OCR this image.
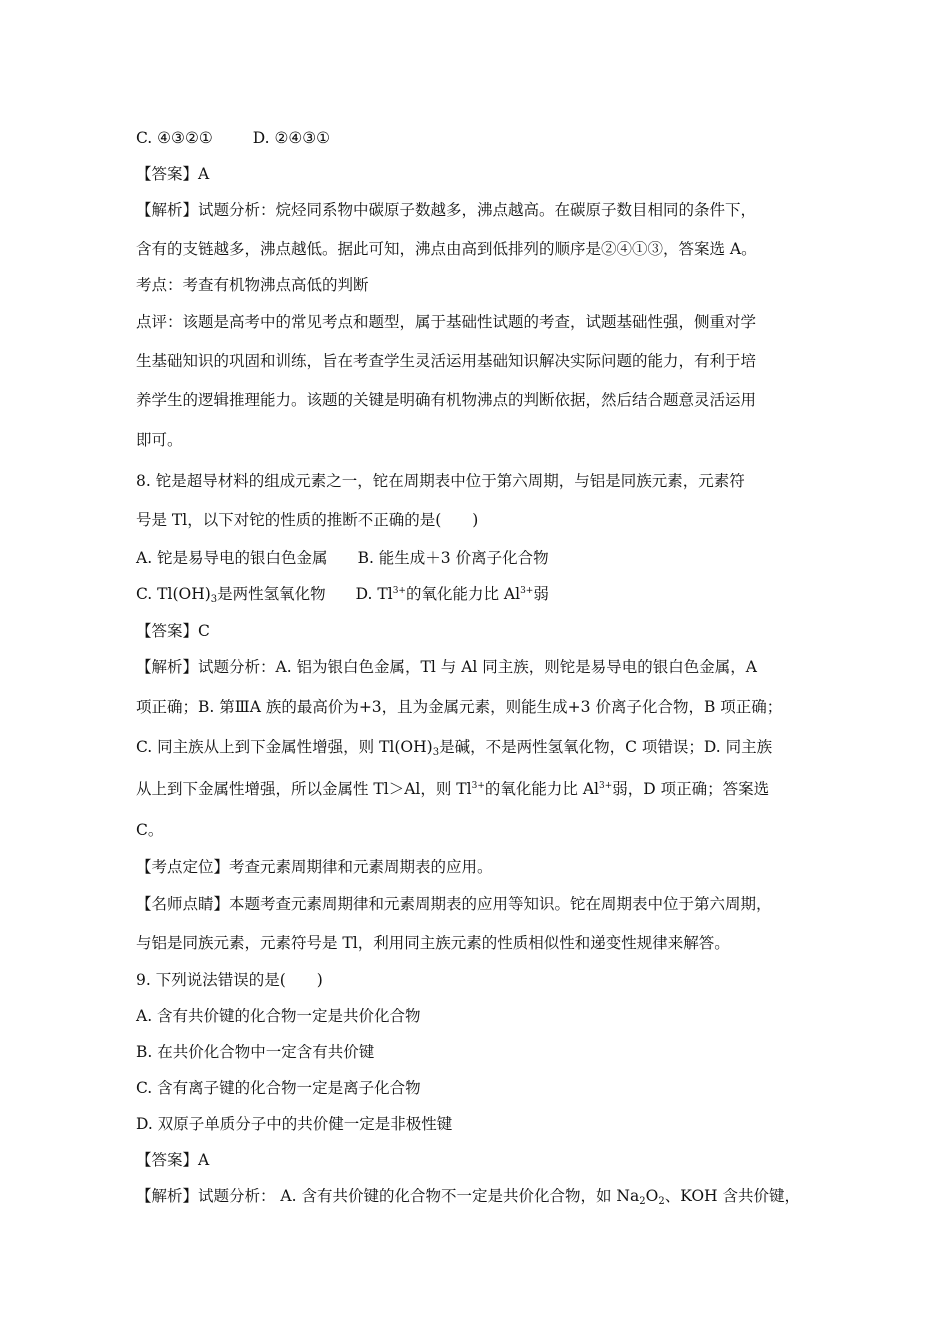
C. ④③②①	D. ②④③①
【答案】A
【解析】试题分析：烷烃同系物中碳原子数越多，沸点越高。在碳原子数目相同的条件下，
含有的支链越多，沸点越低。据此可知，沸点由高到低排列的顺序是②④①③，答案选 A。
考点：考查有机物沸点高低的判断
点评：该题是高考中的常见考点和题型，属于基础性试题的考查，试题基础性强，侧重对学
生基础知识的巩固和训练，旨在考查学生灵活运用基础知识解决实际问题的能力，有利于培
养学生的逻辑推理能力。该题的关键是明确有机物沸点的判断依据，然后结合题意灵活运用
即可。
8. 铊是超导材料的组成元素之一，铊在周期表中位于第六周期，与铝是同族元素，元素符
号是 Tl，以下对铊的性质的推断不正确的是(　　)
A. 铊是易导电的银白色金属 B. 能生成＋3 价离子化合物
C. $Tl(OH)_3$是两性氢氧化物 D. $Tl^{3+}$的氧化能力比 $Al^{3+}$弱
【答案】C
【解析】试题分析：A. 铝为银白色金属，Tl 与 Al 同主族，则铊是易导电的银白色金属，A
项正确；B. 第ⅢA 族的最高价为+3，且为金属元素，则能生成+3 价离子化合物，B 项正确；
C. 同主族从上到下金属性增强，则 $Tl(OH)_3$是碱，不是两性氢氧化物，C 项错误；D. 同主族
从上到下金属性增强，所以金属性 Tl＞Al，则 $Tl^{3+}$的氧化能力比 $Al^{3+}$弱，D 项正确；答案选
C。
【考点定位】考查元素周期律和元素周期表的应用。
【名师点睛】本题考查元素周期律和元素周期表的应用等知识。铊在周期表中位于第六周期，
与铝是同族元素，元素符号是 Tl，利用同主族元素的性质相似性和递变性规律来解答。
9. 下列说法错误的是(　　)
A. 含有共价键的化合物一定是共价化合物
B. 在共价化合物中一定含有共价键
C. 含有离子键的化合物一定是离子化合物
D. 双原子单质分子中的共价健一定是非极性键
【答案】A
【解析】试题分析： A. 含有共价键的化合物不一定是共价化合物，如 $Na_2O_2$、KOH 含共价键，
